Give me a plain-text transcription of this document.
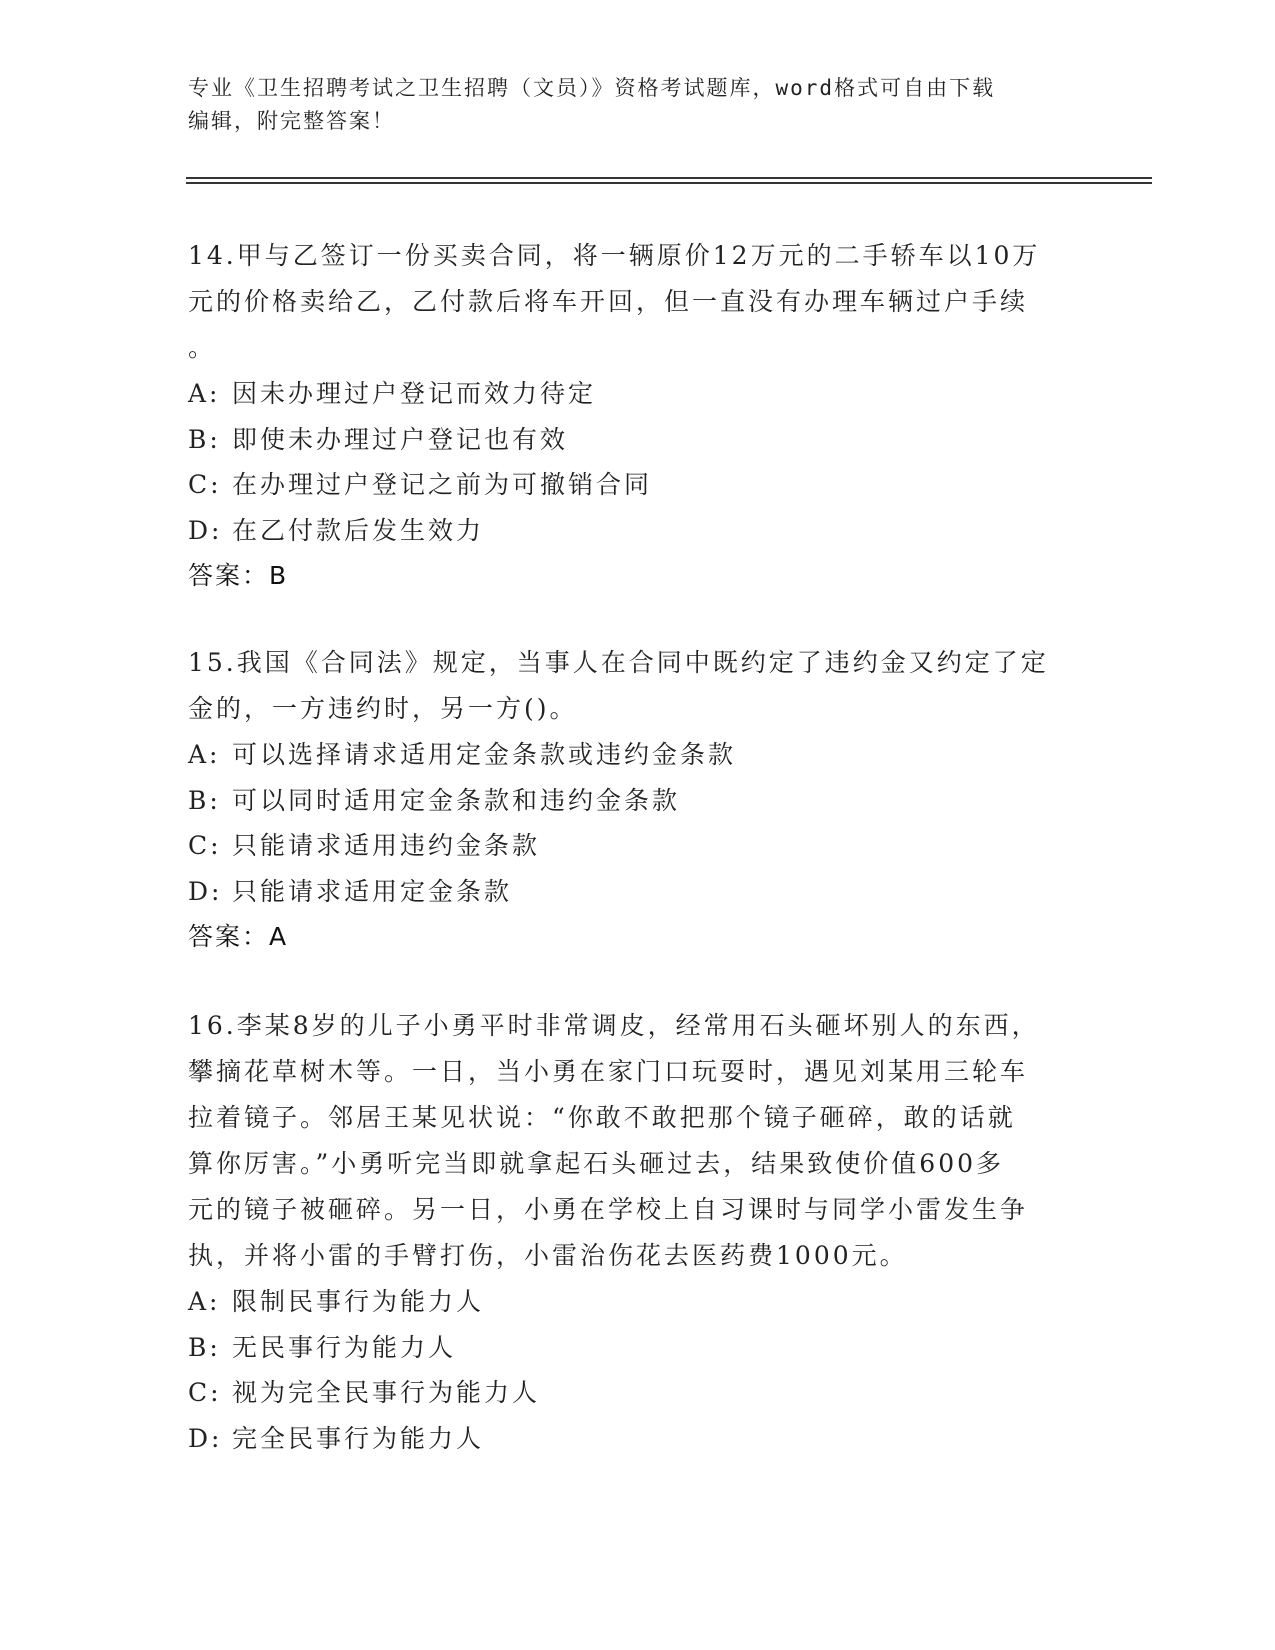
专业《卫生招聘考试之卫生招聘（文员）》资格考试题库，word格式可自由下载
编辑，附完整答案！

14.甲与乙签订一份买卖合同，将一辆原价12万元的二手轿车以10万

元的价格卖给乙，乙付款后将车开回，但一直没有办理车辆过户手续

。

A: 因未办理过户登记而效力待定

B: 即使未办理过户登记也有效

C: 在办理过户登记之前为可撤销合同

D: 在乙付款后发生效力

答案：B

15.我国《合同法》规定，当事人在合同中既约定了违约金又约定了定

金的，一方违约时，另一方()。

A: 可以选择请求适用定金条款或违约金条款

B: 可以同时适用定金条款和违约金条款

C: 只能请求适用违约金条款

D: 只能请求适用定金条款

答案：A

16.李某8岁的儿子小勇平时非常调皮，经常用石头砸坏别人的东西，

攀摘花草树木等。一日，当小勇在家门口玩耍时，遇见刘某用三轮车

拉着镜子。邻居王某见状说：“你敢不敢把那个镜子砸碎，敢的话就

算你厉害。”小勇听完当即就拿起石头砸过去，结果致使价值600多

元的镜子被砸碎。另一日，小勇在学校上自习课时与同学小雷发生争

执，并将小雷的手臂打伤，小雷治伤花去医药费1000元。

A: 限制民事行为能力人

B: 无民事行为能力人

C: 视为完全民事行为能力人

D: 完全民事行为能力人
